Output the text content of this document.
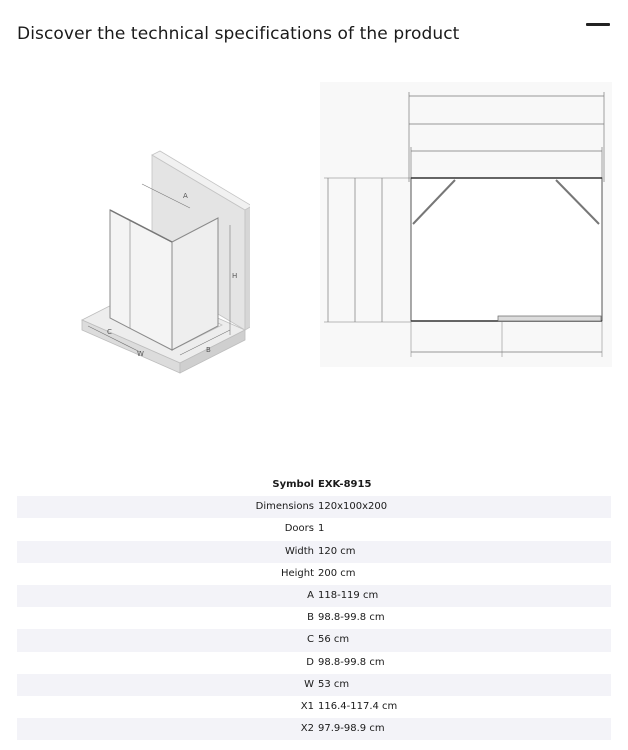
Discover the technical specifications of the product
A
H
C
W	B
Symbol	EXK-8915
Dimensions	120x100x200
Doors	1
Width	120 cm
Height	200 cm
A	118-119 cm
B	98.8-99.8 cm
C	56 cm
D	98.8-99.8 cm
W	53 cm
X1	116.4-117.4 cm
X2	97.9-98.9 cm
